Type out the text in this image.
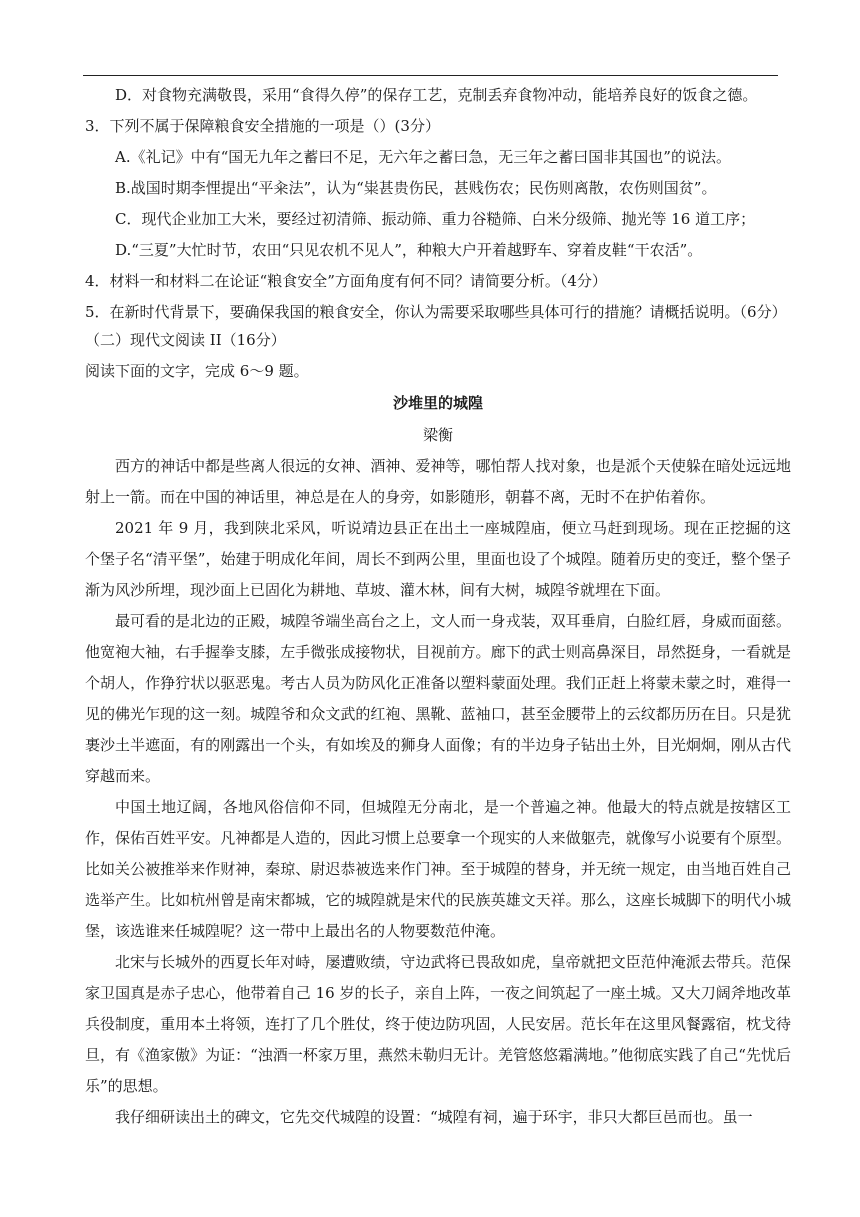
D．对食物充满敬畏，采用“食得久停”的保存工艺，克制丢弃食物冲动，能培养良好的饭食之德。
3．下列不属于保障粮食安全措施的一项是（）(3分）
A.《礼记》中有“国无九年之蓄曰不足，无六年之蓄曰急，无三年之蓄曰国非其国也”的说法。
B.战国时期李悝提出“平籴法”，认为“粜甚贵伤民，甚贱伤农；民伤则离散，农伤则国贫”。
C．现代企业加工大米，要经过初清筛、振动筛、重力谷糙筛、白米分级筛、抛光等 16 道工序；
D.“三夏”大忙时节，农田“只见农机不见人”，种粮大户开着越野车、穿着皮鞋“干农活”。
4．材料一和材料二在论证“粮食安全”方面角度有何不同？请简要分析。（4分）
5．在新时代背景下，要确保我国的粮食安全，你认为需要采取哪些具体可行的措施？请概括说明。（6分）
（二）现代文阅读 II（16分）
阅读下面的文字，完成 6～9 题。
沙堆里的城隍
梁衡

西方的神话中都是些离人很远的女神、酒神、爱神等，哪怕帮人找对象，也是派个天使躲在暗处远远地射上一箭。而在中国的神话里，神总是在人的身旁，如影随形，朝暮不离，无时不在护佑着你。

2021 年 9 月，我到陕北采风，听说靖边县正在出土一座城隍庙，便立马赶到现场。现在正挖掘的这个堡子名“清平堡”，始建于明成化年间，周长不到两公里，里面也设了个城隍。随着历史的变迁，整个堡子渐为风沙所埋，现沙面上已固化为耕地、草坡、灌木林，间有大树，城隍爷就埋在下面。

最可看的是北边的正殿，城隍爷端坐高台之上，文人而一身戎装，双耳垂肩，白脸红唇，身威而面慈。他宽袍大袖，右手握拳支膝，左手微张成接物状，目视前方。廊下的武士则高鼻深目，昂然挺身，一看就是个胡人，作狰狞状以驱恶鬼。考古人员为防风化正准备以塑料蒙面处理。我们正赶上将蒙未蒙之时，难得一见的佛光乍现的这一刻。城隍爷和众文武的红袍、黑靴、蓝袖口，甚至金腰带上的云纹都历历在目。只是犹裹沙土半遮面，有的刚露出一个头，有如埃及的狮身人面像；有的半边身子钻出土外，目光炯炯，刚从古代穿越而来。

中国土地辽阔，各地风俗信仰不同，但城隍无分南北，是一个普遍之神。他最大的特点就是按辖区工作，保佑百姓平安。凡神都是人造的，因此习惯上总要拿一个现实的人来做躯壳，就像写小说要有个原型。比如关公被推举来作财神，秦琼、尉迟恭被选来作门神。至于城隍的替身，并无统一规定，由当地百姓自己选举产生。比如杭州曾是南宋都城，它的城隍就是宋代的民族英雄文天祥。那么，这座长城脚下的明代小城堡，该选谁来任城隍呢？这一带中上最出名的人物要数范仲淹。

北宋与长城外的西夏长年对峙，屡遭败绩，守边武将已畏敌如虎，皇帝就把文臣范仲淹派去带兵。范保家卫国真是赤子忠心，他带着自己 16 岁的长子，亲自上阵，一夜之间筑起了一座土城。又大刀阔斧地改革兵役制度，重用本土将领，连打了几个胜仗，终于使边防巩固，人民安居。范长年在这里风餐露宿，枕戈待旦，有《渔家傲》为证：“浊酒一杯家万里，燕然未勒归无计。羌管悠悠霜满地。”他彻底实践了自己“先忧后乐”的思想。

我仔细研读出土的碑文，它先交代城隍的设置：“城隍有祠，遍于环宇，非只大都巨邑而也。虽一
